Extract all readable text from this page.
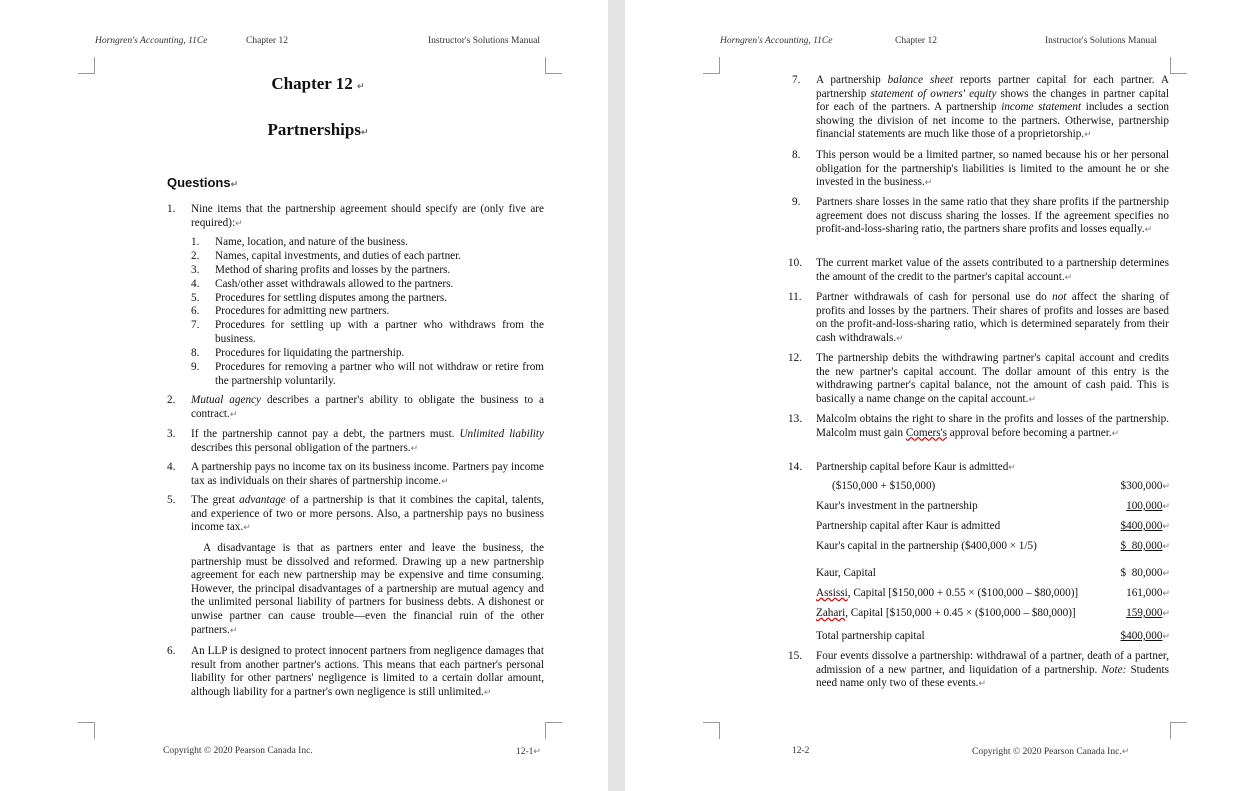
Horngren's Accounting, 11Ce	Chapter 12	Instructor's Solutions Manual
Chapter 12 ↵
Partnerships↵
Questions↵
1. Nine items that the partnership agreement should specify are (only five are required):↵
1. Name, location, and nature of the business.
2. Names, capital investments, and duties of each partner.
3. Method of sharing profits and losses by the partners.
4. Cash/other asset withdrawals allowed to the partners.
5. Procedures for settling disputes among the partners.
6. Procedures for admitting new partners.
7. Procedures for settling up with a partner who withdraws from the business.
8. Procedures for liquidating the partnership.
9. Procedures for removing a partner who will not withdraw or retire from the partnership voluntarily.
2. Mutual agency describes a partner's ability to obligate the business to a contract.↵
3. If the partnership cannot pay a debt, the partners must. Unlimited liability describes this personal obligation of the partners.↵
4. A partnership pays no income tax on its business income. Partners pay income tax as individuals on their shares of partnership income.↵
5. The great advantage of a partnership is that it combines the capital, talents, and experience of two or more persons. Also, a partnership pays no business income tax.↵
A disadvantage is that as partners enter and leave the business, the partnership must be dissolved and reformed. Drawing up a new partnership agreement for each new partnership may be expensive and time consuming. However, the principal disadvantages of a partnership are mutual agency and the unlimited personal liability of partners for business debts. A dishonest or unwise partner can cause trouble—even the financial ruin of the other partners.↵
6. An LLP is designed to protect innocent partners from negligence damages that result from another partner's actions. This means that each partner's personal liability for other partners' negligence is limited to a certain dollar amount, although liability for a partner's own negligence is still unlimited.↵
Copyright © 2020 Pearson Canada Inc.	12-1↵
Horngren's Accounting, 11Ce	Chapter 12	Instructor's Solutions Manual
7. A partnership balance sheet reports partner capital for each partner. A partnership statement of owners' equity shows the changes in partner capital for each of the partners. A partnership income statement includes a section showing the division of net income to the partners. Otherwise, partnership financial statements are much like those of a proprietorship.↵
8. This person would be a limited partner, so named because his or her personal obligation for the partnership's liabilities is limited to the amount he or she invested in the business.↵
9. Partners share losses in the same ratio that they share profits if the partnership agreement does not discuss sharing the losses. If the agreement specifies no profit-and-loss-sharing ratio, the partners share profits and losses equally.↵
10. The current market value of the assets contributed to a partnership determines the amount of the credit to the partner's capital account.↵
11. Partner withdrawals of cash for personal use do not affect the sharing of profits and losses by the partners. Their shares of profits and losses are based on the profit-and-loss-sharing ratio, which is determined separately from their cash withdrawals.↵
12. The partnership debits the withdrawing partner's capital account and credits the new partner's capital account. The dollar amount of this entry is the withdrawing partner's capital balance, not the amount of cash paid. This is basically a name change on the capital account.↵
13. Malcolm obtains the right to share in the profits and losses of the partnership. Malcolm must gain Comers's approval before becoming a partner.↵
14. Partnership capital before Kaur is admitted↵
($150,000 + $150,000)	$300,000↵
Kaur's investment in the partnership	100,000↵
Partnership capital after Kaur is admitted	$400,000↵
Kaur's capital in the partnership ($400,000 × 1/5)	$  80,000↵
Kaur, Capital	$  80,000↵
Assissi, Capital [$150,000 + 0.55 × ($100,000 – $80,000)]	161,000↵
Zahari, Capital [$150,000 + 0.45 × ($100,000 – $80,000)]	159,000↵
Total partnership capital	$400,000↵
15. Four events dissolve a partnership: withdrawal of a partner, death of a partner, admission of a new partner, and liquidation of a partnership. Note: Students need name only two of these events.↵
12-2	Copyright © 2020 Pearson Canada Inc.↵
